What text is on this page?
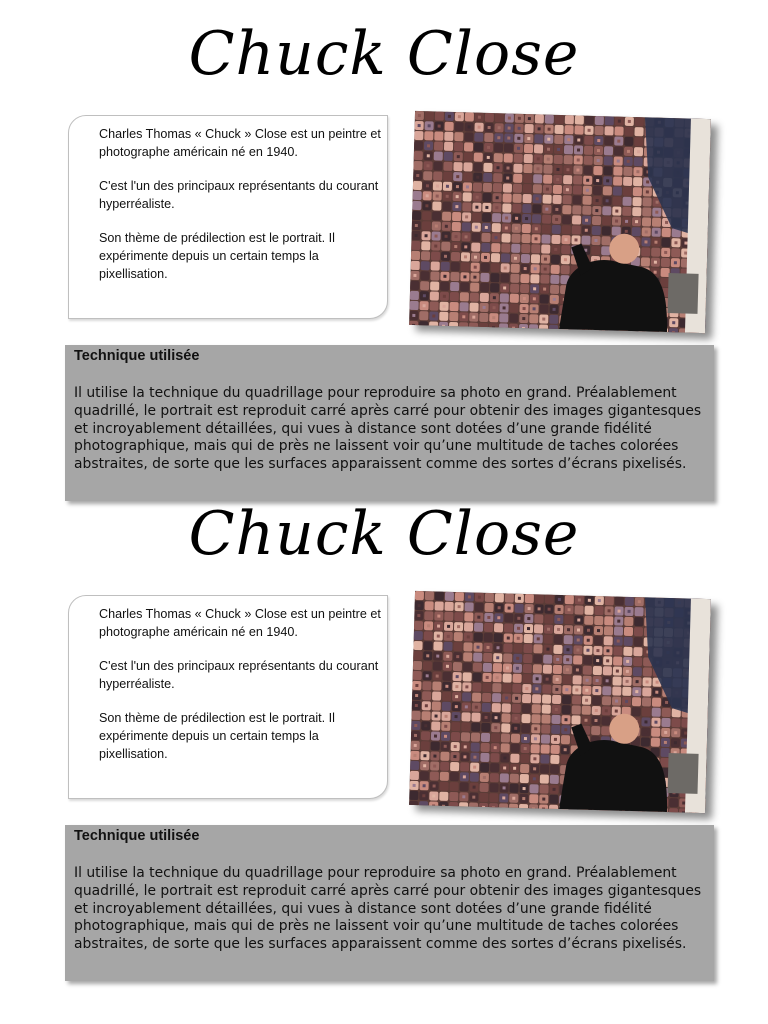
Chuck Close

Charles Thomas « Chuck » Close est un peintre et photographe américain né en 1940.

C'est l'un des principaux représentants du courant hyperréaliste.

Son thème de prédilection est le portrait. Il expérimente depuis un certain temps la pixellisation.

Technique utilisée
Il utilise la technique du quadrillage pour reproduire sa photo en grand. Préalablement quadrillé, le portrait est reproduit carré après carré pour obtenir des images gigantesques et incroyablement détaillées, qui vues à distance sont dotées d’une grande fidélité photographique, mais qui de près ne laissent voir qu’une multitude de taches colorées abstraites, de sorte que les surfaces apparaissent comme des sortes d’écrans pixelisés.
Chuck Close

Charles Thomas « Chuck » Close est un peintre et photographe américain né en 1940.

C'est l'un des principaux représentants du courant hyperréaliste.

Son thème de prédilection est le portrait. Il expérimente depuis un certain temps la pixellisation.

Technique utilisée
Il utilise la technique du quadrillage pour reproduire sa photo en grand. Préalablement quadrillé, le portrait est reproduit carré après carré pour obtenir des images gigantesques et incroyablement détaillées, qui vues à distance sont dotées d’une grande fidélité photographique, mais qui de près ne laissent voir qu’une multitude de taches colorées abstraites, de sorte que les surfaces apparaissent comme des sortes d’écrans pixelisés.
